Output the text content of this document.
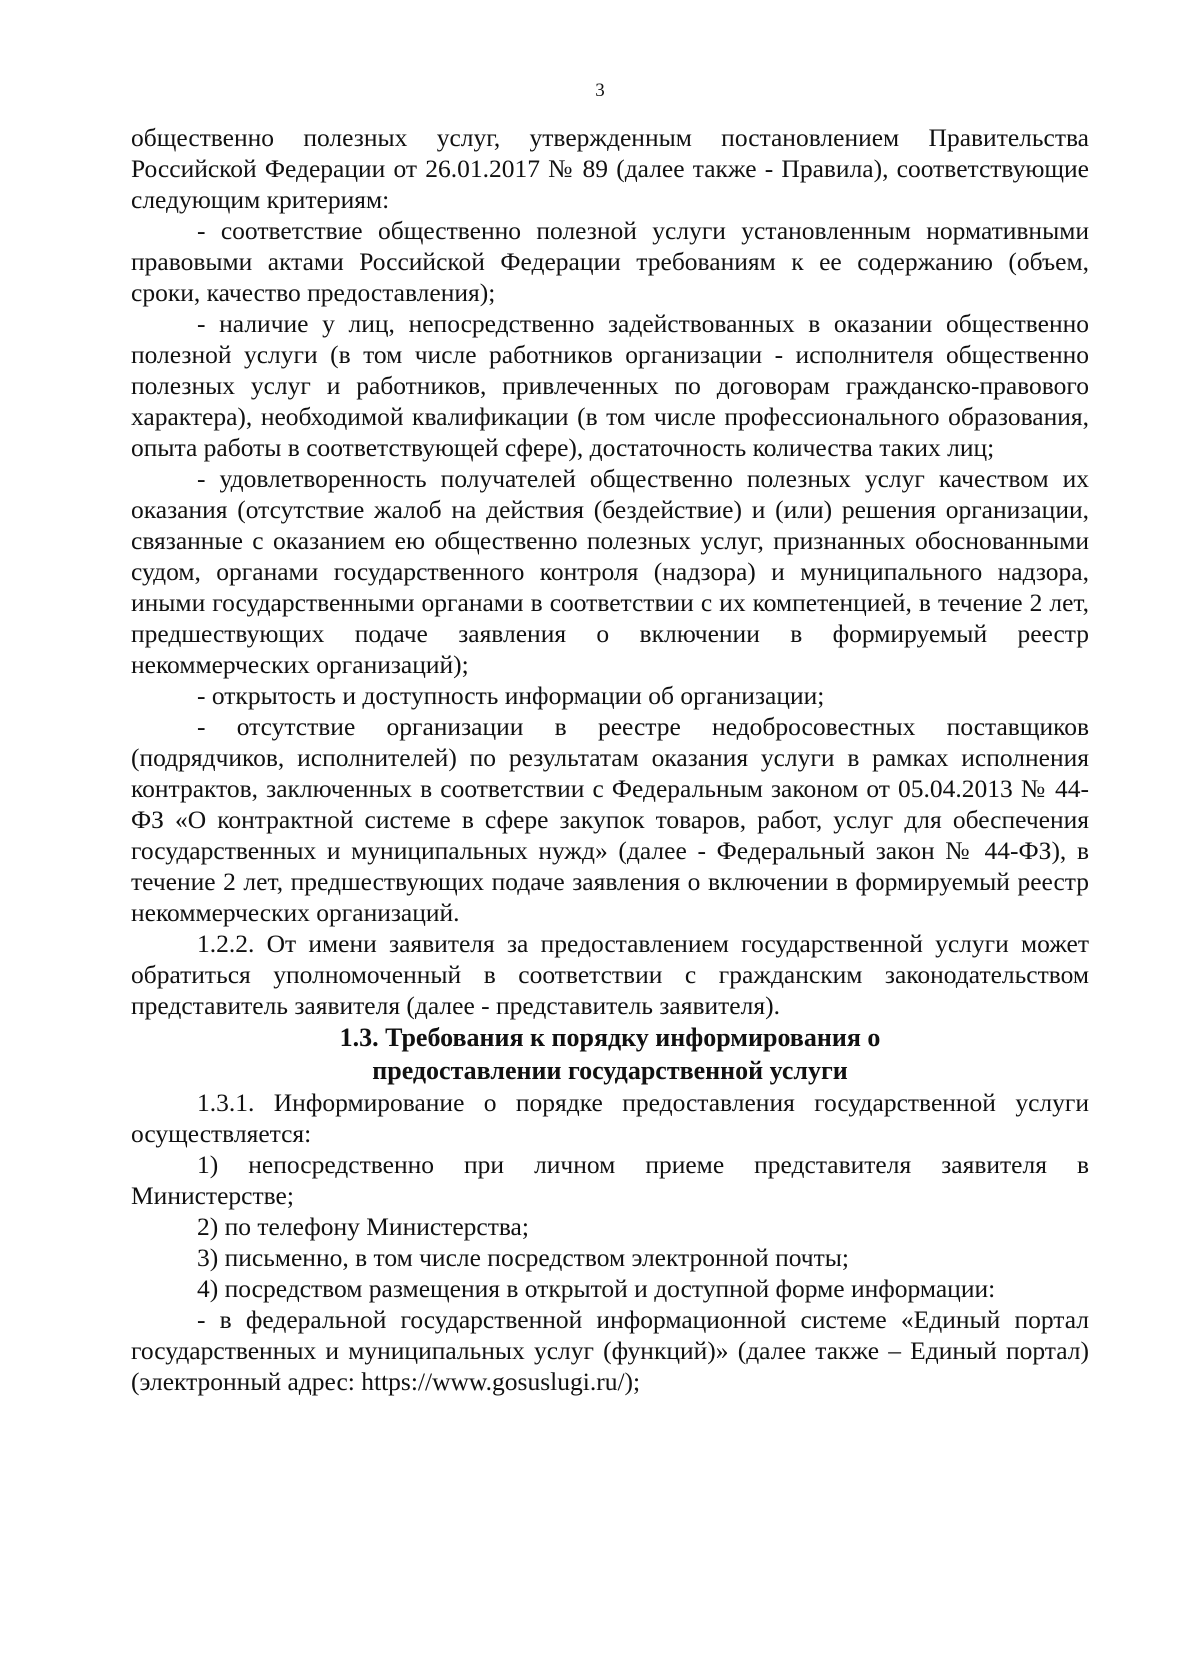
3

общественно полезных услуг, утвержденным постановлением Правительства Российской Федерации от 26.01.2017 № 89 (далее также - Правила), соответствующие следующим критериям:

- соответствие общественно полезной услуги установленным нормативными правовыми актами Российской Федерации требованиям к ее содержанию (объем, сроки, качество предоставления);

- наличие у лиц, непосредственно задействованных в оказании общественно полезной услуги (в том числе работников организации - исполнителя общественно полезных услуг и работников, привлеченных по договорам гражданско-правового характера), необходимой квалификации (в том числе профессионального образования, опыта работы в соответствующей сфере), достаточность количества таких лиц;

- удовлетворенность получателей общественно полезных услуг качеством их оказания (отсутствие жалоб на действия (бездействие) и (или) решения организации, связанные с оказанием ею общественно полезных услуг, признанных обоснованными судом, органами государственного контроля (надзора) и муниципального надзора, иными государственными органами в соответствии с их компетенцией, в течение 2 лет, предшествующих подаче заявления о включении в формируемый реестр некоммерческих организаций);

- открытость и доступность информации об организации;

- отсутствие организации в реестре недобросовестных поставщиков (подрядчиков, исполнителей) по результатам оказания услуги в рамках исполнения контрактов, заключенных в соответствии с Федеральным законом от 05.04.2013 № 44-ФЗ «О контрактной системе в сфере закупок товаров, работ, услуг для обеспечения государственных и муниципальных нужд» (далее - Федеральный закон № 44-ФЗ), в течение 2 лет, предшествующих подаче заявления о включении в формируемый реестр некоммерческих организаций.

1.2.2. От имени заявителя за предоставлением государственной услуги может обратиться уполномоченный в соответствии с гражданским законодательством представитель заявителя (далее - представитель заявителя).

1.3. Требования к порядку информирования о
предоставлении государственной услуги

1.3.1. Информирование о порядке предоставления государственной услуги осуществляется:

1) непосредственно при личном приеме представителя заявителя в Министерстве;

2) по телефону Министерства;

3) письменно, в том числе посредством электронной почты;

4) посредством размещения в открытой и доступной форме информации:

- в федеральной государственной информационной системе «Единый портал государственных и муниципальных услуг (функций)» (далее также – Единый портал) (электронный адрес: https://www.gosuslugi.ru/);
